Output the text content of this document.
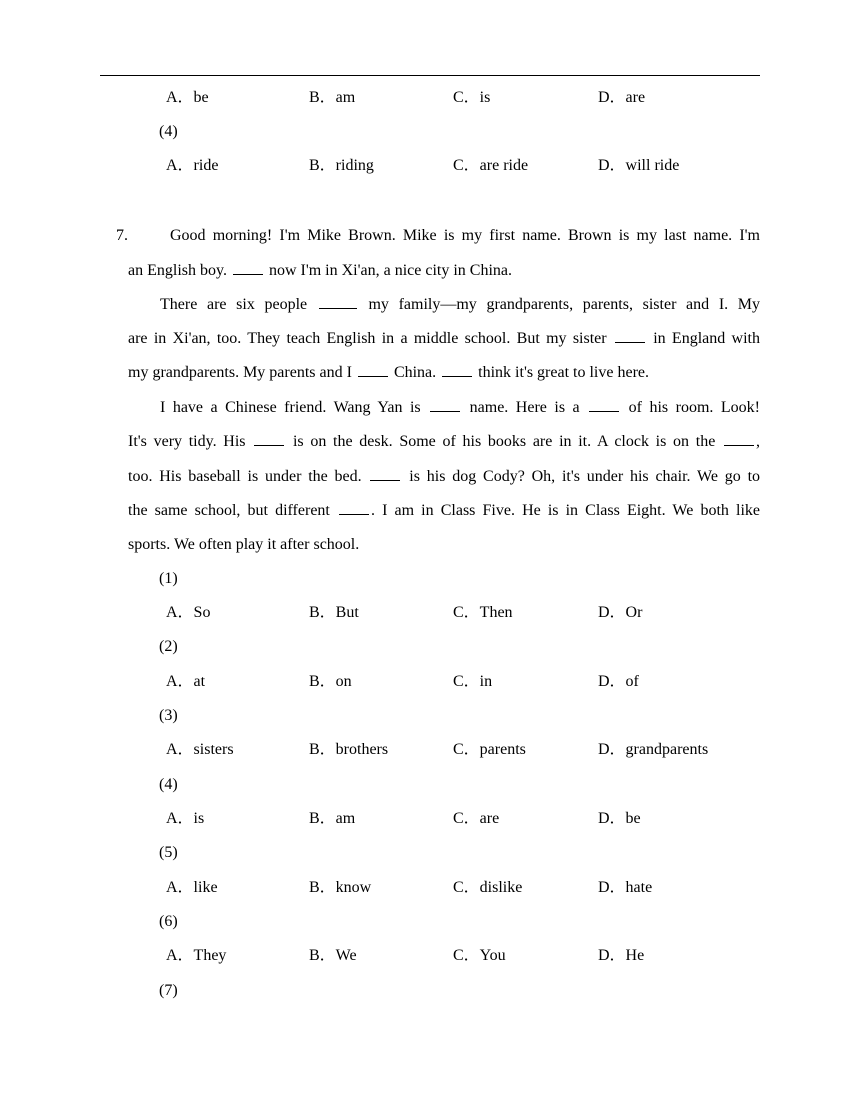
A．be	B．am	C．is	D．are
(4)
A．ride	B．riding	C．are ride	D．will ride
7.	Good morning! I'm Mike Brown. Mike is my first name. Brown is my last name. I'm
an English boy.	now I'm in Xi'an, a nice city in China.
There are six people	my family—my grandparents, parents, sister and I. My
are in Xi'an, too. They teach English in a middle school. But my sister	in England with
my grandparents. My parents and I	China.	think it's great to live here.
I have a Chinese friend. Wang Yan is	name. Here is a	of his room. Look!
It's very tidy. His	is on the desk. Some of his books are in it. A clock is on the	,
too. His baseball is under the bed.	is his dog Cody? Oh, it's under his chair. We go to
the same school, but different	. I am in Class Five. He is in Class Eight. We both like
sports. We often play it after school.
(1)
A．So	B．But	C．Then	D．Or
(2)
A．at	B．on	C．in	D．of
(3)
A．sisters	B．brothers	C．parents	D．grandparents
(4)
A．is	B．am	C．are	D．be
(5)
A．like	B．know	C．dislike	D．hate
(6)
A．They	B．We	C．You	D．He
(7)
